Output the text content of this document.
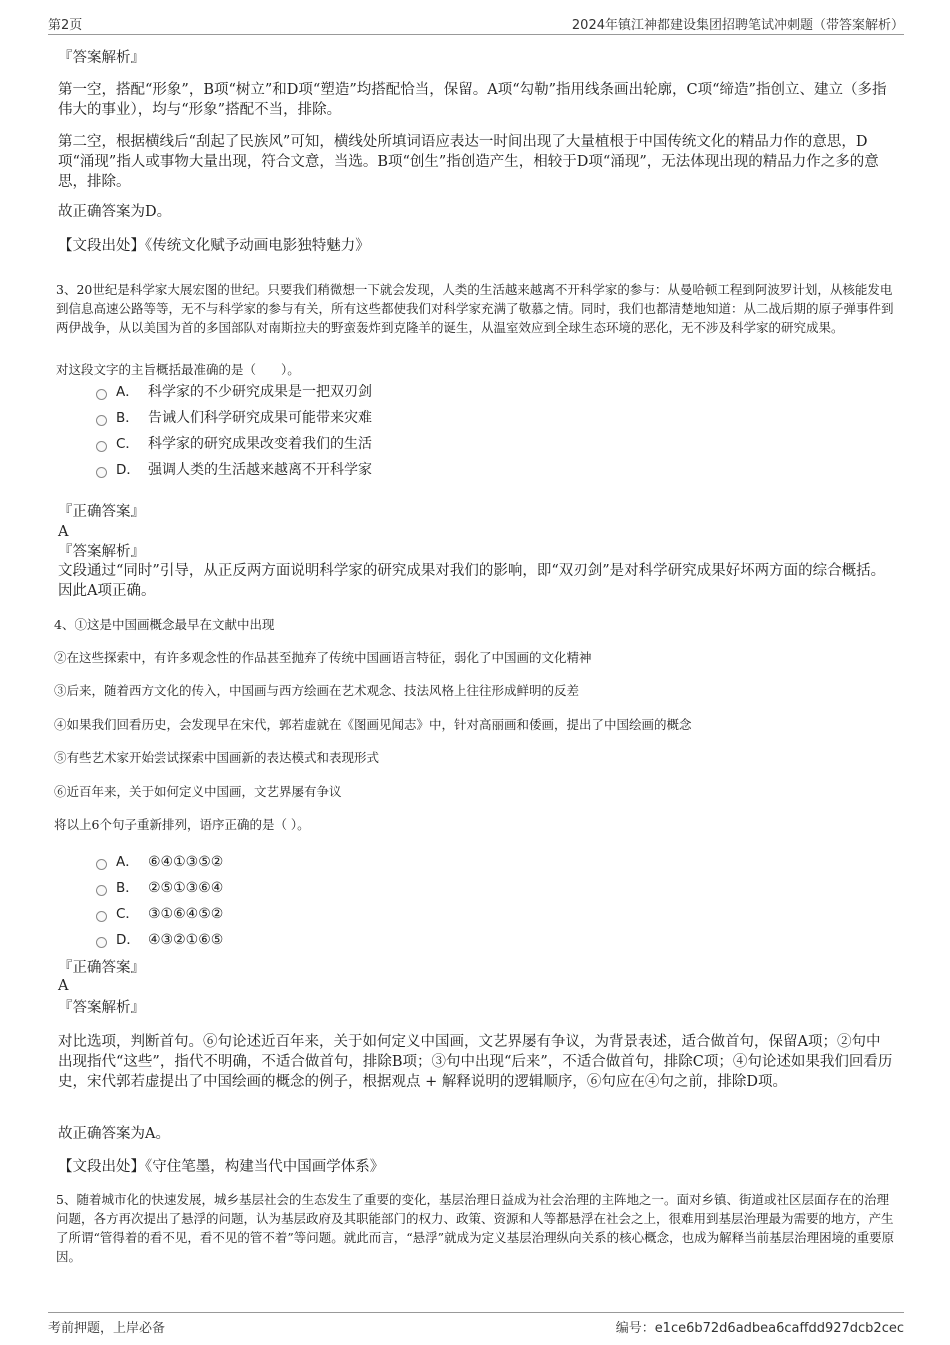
第2页	2024年镇江神都建设集团招聘笔试冲刺题（带答案解析）
『答案解析』
第一空，搭配“形象”，B项“树立”和D项“塑造”均搭配恰当，保留。A项“勾勒”指用线条画出轮廓，C项“缔造”指创立、建立（多指伟大的事业），均与“形象”搭配不当，排除。
第二空，根据横线后“刮起了民族风”可知，横线处所填词语应表达一时间出现了大量植根于中国传统文化的精品力作的意思，D项“涌现”指人或事物大量出现，符合文意，当选。B项“创生”指创造产生，相较于D项“涌现”，无法体现出现的精品力作之多的意思，排除。
故正确答案为D。
【文段出处】《传统文化赋予动画电影独特魅力》
3、20世纪是科学家大展宏图的世纪。只要我们稍微想一下就会发现，人类的生活越来越离不开科学家的参与：从曼哈顿工程到阿波罗计划，从核能发电到信息高速公路等等，无不与科学家的参与有关，所有这些都使我们对科学家充满了敬慕之情。同时，我们也都清楚地知道：从二战后期的原子弹事件到两伊战争，从以美国为首的多国部队对南斯拉夫的野蛮轰炸到克隆羊的诞生，从温室效应到全球生态环境的恶化，无不涉及科学家的研究成果。
对这段文字的主旨概括最准确的是（　　）。
A． 科学家的不少研究成果是一把双刃剑
B． 告诫人们科学研究成果可能带来灾难
C． 科学家的研究成果改变着我们的生活
D． 强调人类的生活越来越离不开科学家
『正确答案』
A
『答案解析』
文段通过“同时”引导，从正反两方面说明科学家的研究成果对我们的影响，即“双刃剑”是对科学研究成果好坏两方面的综合概括。因此A项正确。
4、①这是中国画概念最早在文献中出现
②在这些探索中，有许多观念性的作品甚至抛弃了传统中国画语言特征，弱化了中国画的文化精神
③后来，随着西方文化的传入，中国画与西方绘画在艺术观念、技法风格上往往形成鲜明的反差
④如果我们回看历史，会发现早在宋代，郭若虚就在《图画见闻志》中，针对高丽画和倭画，提出了中国绘画的概念
⑤有些艺术家开始尝试探索中国画新的表达模式和表现形式
⑥近百年来，关于如何定义中国画，文艺界屡有争议
将以上6个句子重新排列，语序正确的是（ ）。
A． ⑥④①③⑤②
B． ②⑤①③⑥④
C． ③①⑥④⑤②
D． ④③②①⑥⑤
『正确答案』
A
『答案解析』
对比选项，判断首句。⑥句论述近百年来，关于如何定义中国画，文艺界屡有争议，为背景表述，适合做首句，保留A项；②句中出现指代“这些”，指代不明确，不适合做首句，排除B项；③句中出现“后来”，不适合做首句，排除C项；④句论述如果我们回看历史，宋代郭若虚提出了中国绘画的概念的例子，根据观点 + 解释说明的逻辑顺序，⑥句应在④句之前，排除D项。
故正确答案为A。
【文段出处】《守住笔墨，构建当代中国画学体系》
5、随着城市化的快速发展，城乡基层社会的生态发生了重要的变化，基层治理日益成为社会治理的主阵地之一。面对乡镇、街道或社区层面存在的治理问题，各方再次提出了悬浮的问题，认为基层政府及其职能部门的权力、政策、资源和人等都悬浮在社会之上，很难用到基层治理最为需要的地方，产生了所谓“管得着的看不见，看不见的管不着”等问题。就此而言，“悬浮”就成为定义基层治理纵向关系的核心概念，也成为解释当前基层治理困境的重要原因。
考前押题，上岸必备	编号：e1ce6b72d6adbea6caffdd927dcb2cec
